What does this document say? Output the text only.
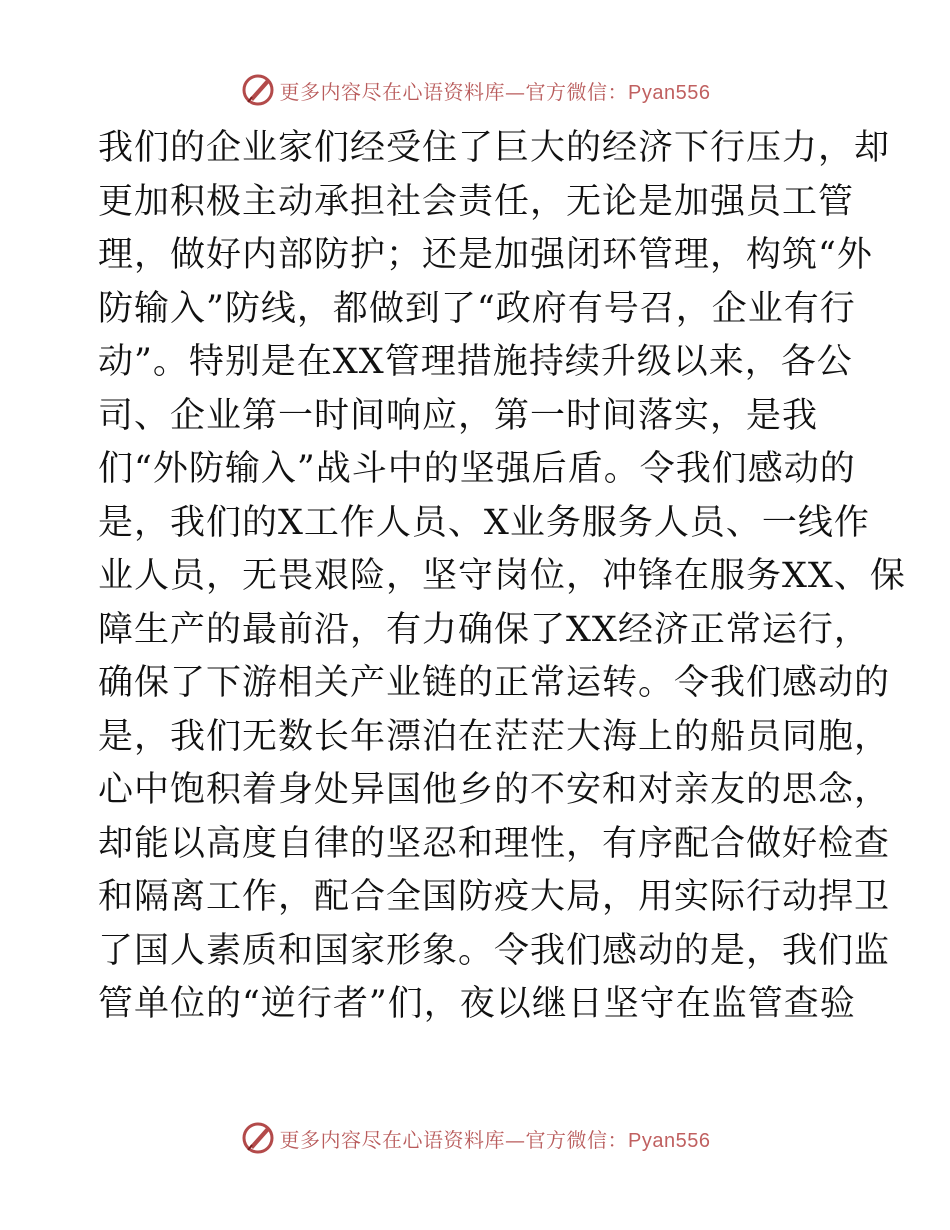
更多内容尽在心语资料库—官方微信：Pyan556
我们的企业家们经受住了巨大的经济下行压力，却
更加积极主动承担社会责任，无论是加强员工管
理，做好内部防护；还是加强闭环管理，构筑“外
防输入”防线，都做到了“政府有号召，企业有行
动”。特别是在XX管理措施持续升级以来，各公
司、企业第一时间响应，第一时间落实，是我
们“外防输入”战斗中的坚强后盾。令我们感动的
是，我们的X工作人员、X业务服务人员、一线作
业人员，无畏艰险，坚守岗位，冲锋在服务XX、保
障生产的最前沿，有力确保了XX经济正常运行，
确保了下游相关产业链的正常运转。令我们感动的
是，我们无数长年漂泊在茫茫大海上的船员同胞，
心中饱积着身处异国他乡的不安和对亲友的思念，
却能以高度自律的坚忍和理性，有序配合做好检查
和隔离工作，配合全国防疫大局，用实际行动捍卫
了国人素质和国家形象。令我们感动的是，我们监
管单位的“逆行者”们，夜以继日坚守在监管查验
更多内容尽在心语资料库—官方微信：Pyan556
